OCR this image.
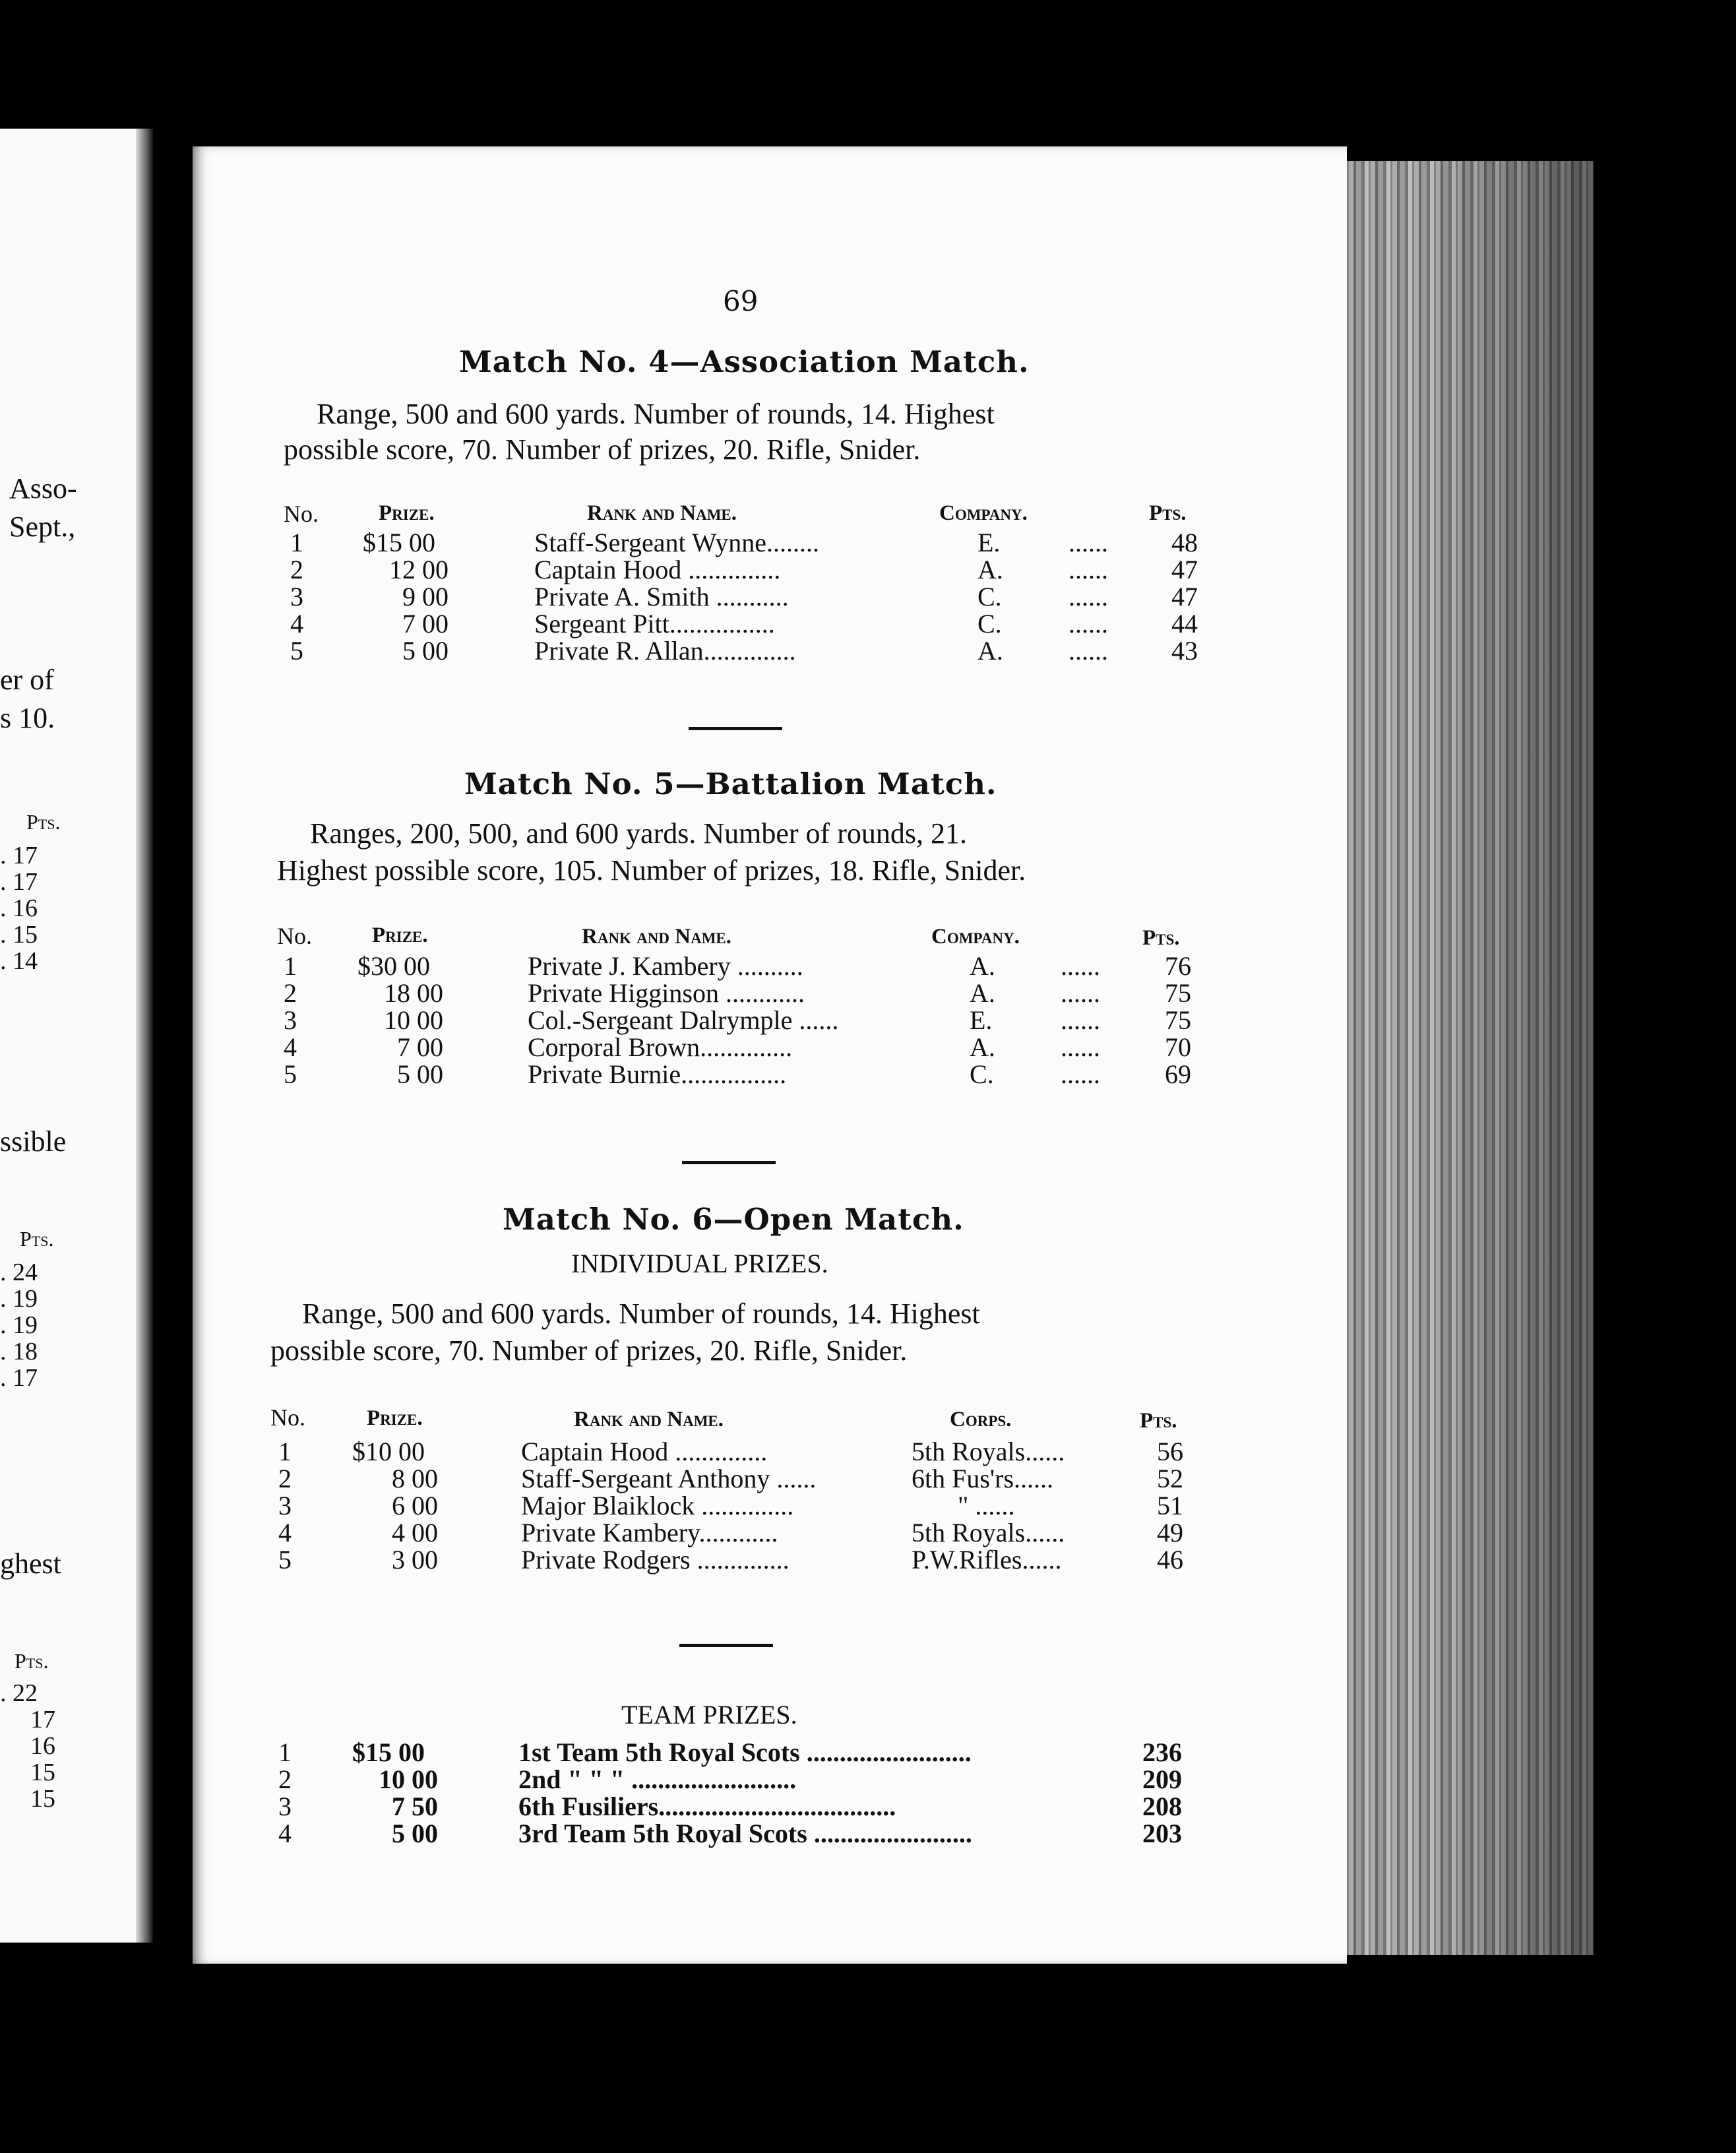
Asso-
Sept.,
er of
s 10.
Pts.
. 17
. 17
. 16
. 15
. 14
ssible
Pts.
. 24
. 19
. 19
. 18
. 17
ghest
Pts.
. 22
17
16
15
15
69
Match No. 4—Association Match.
Range, 500 and 600 yards. Number of rounds, 14. Highest
possible score, 70. Number of prizes, 20. Rifle, Snider.
No.	Prize.	Rank and Name.	Company.	Pts.
1 $15 00	Staff-Sergeant Wynne........	E.	...... 48
2	12 00	Captain Hood ..............	A. ...... 47
3	9 00	Private A. Smith ...........	C.	...... 47
4	7 00	Sergeant Pitt................	C.	...... 44
5	5 00	Private R. Allan..............	A. ...... 43
Match No. 5—Battalion Match.
Ranges, 200, 500, and 600 yards. Number of rounds, 21.
Highest possible score, 105. Number of prizes, 18. Rifle, Snider.
No.	Prize.	Rank and Name.	Company.	Pts.
1 $30 00	Private J. Kambery ..........	A. ...... 76
2	18 00	Private Higginson ............	A. ...... 75
3	10 00	Col.-Sergeant Dalrymple ......	E.	...... 75
4	7 00	Corporal Brown..............	A. ...... 70
5	5 00	Private Burnie................	C.	...... 69
Match No. 6—Open Match.
INDIVIDUAL PRIZES.
Range, 500 and 600 yards. Number of rounds, 14. Highest
possible score, 70. Number of prizes, 20. Rifle, Snider.
No.	Prize.	Rank and Name.	Corps.	Pts.
1 $10 00	Captain Hood ..............	5th Royals......	56
2	8 00	Staff-Sergeant Anthony ......	6th Fus'rs......	52
3	6 00	Major Blaiklock ..............	" ......	51
4	4 00	Private Kambery............	5th Royals......	49
5	3 00	Private Rodgers ..............	P.W.Rifles......	46
TEAM PRIZES.
1 $15 00	1st Team 5th Royal Scots .........................	236
2	10 00	2nd " " " .........................	209
3	7 50	6th Fusiliers....................................	208
4	5 00	3rd Team 5th Royal Scots ........................	203
